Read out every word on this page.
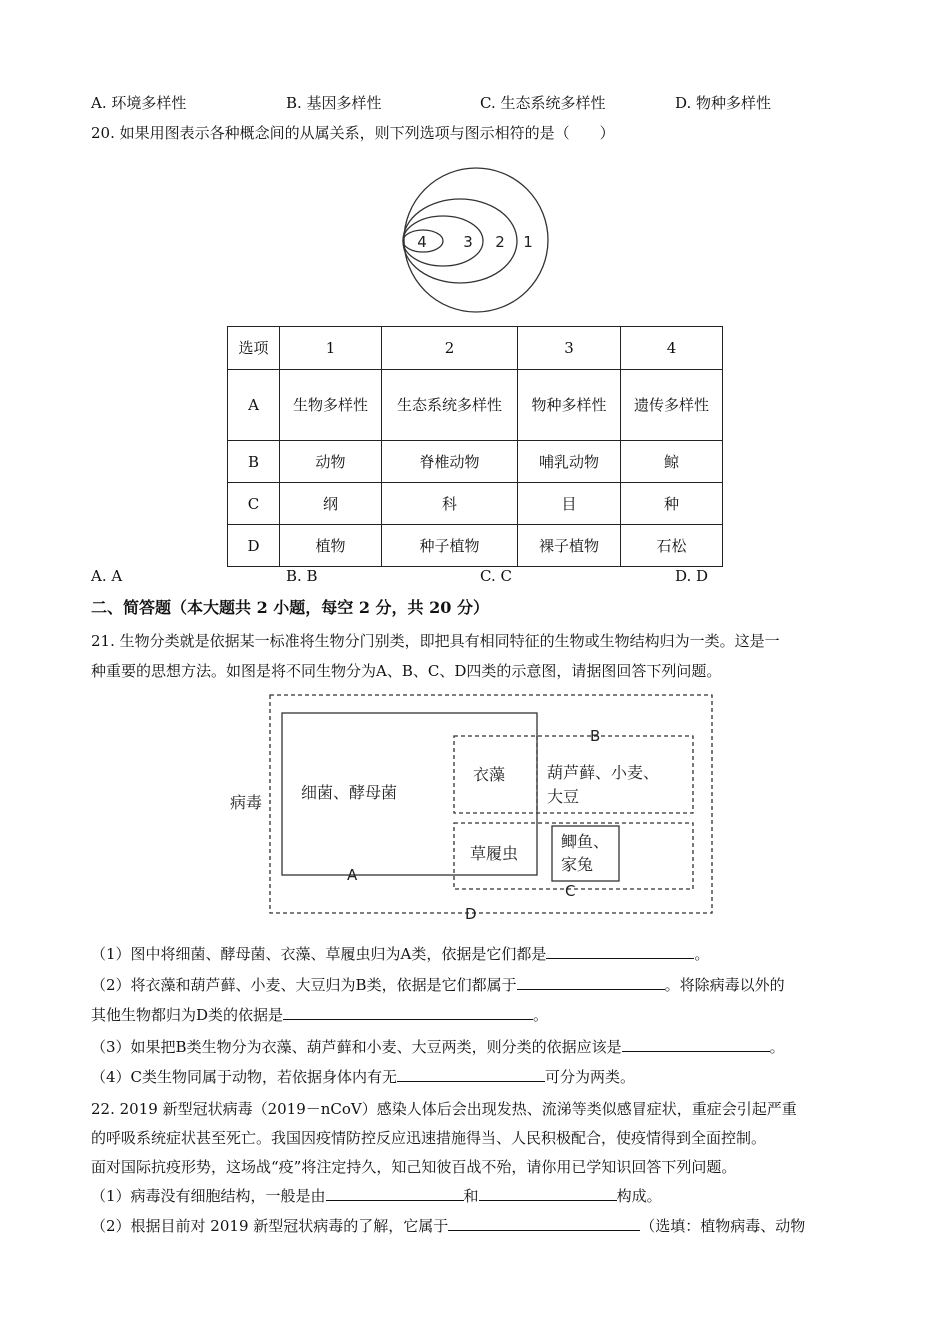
A. 环境多样性	B. 基因多样性	C. 生态系统多样性	D. 物种多样性
20. 如果用图表示各种概念间的从属关系，则下列选项与图示相符的是（　　）
4 3 2 1
选项	1	2	3	4
A	生物多样性	生态系统多样性	物种多样性	遗传多样性
B	动物	脊椎动物	哺乳动物	鲸
C	纲	科	目	种
D	植物	种子植物	裸子植物	石松
A. A	B. B	C. C	D. D
二、简答题（本大题共 2 小题，每空 2 分，共 20 分）
21. 生物分类就是依据某一标准将生物分门别类，即把具有相同特征的生物或生物结构归为一类。这是一
种重要的思想方法。如图是将不同生物分为A、B、C、D四类的示意图，请据图回答下列问题。
病毒
细菌、酵母菌
衣藻	葫芦藓、小麦、
大豆
草履虫
鲫鱼、
家兔
A
B
C
D
（1）图中将细菌、酵母菌、衣藻、草履虫归为A类，依据是它们都是	。
（2）将衣藻和葫芦藓、小麦、大豆归为B类，依据是它们都属于	。将除病毒以外的
其他生物都归为D类的依据是	。
（3）如果把B类生物分为衣藻、葫芦藓和小麦、大豆两类，则分类的依据应该是	。
（4）C类生物同属于动物，若依据身体内有无	可分为两类。
22. 2019 新型冠状病毒（2019－nCoV）感染人体后会出现发热、流涕等类似感冒症状，重症会引起严重
的呼吸系统症状甚至死亡。我国因疫情防控反应迅速措施得当、人民积极配合，使疫情得到全面控制。
面对国际抗疫形势，这场战“疫”将注定持久，知己知彼百战不殆，请你用已学知识回答下列问题。
（1）病毒没有细胞结构，一般是由	和	构成。
（2）根据目前对 2019 新型冠状病毒的了解，它属于	（选填：植物病毒、动物
